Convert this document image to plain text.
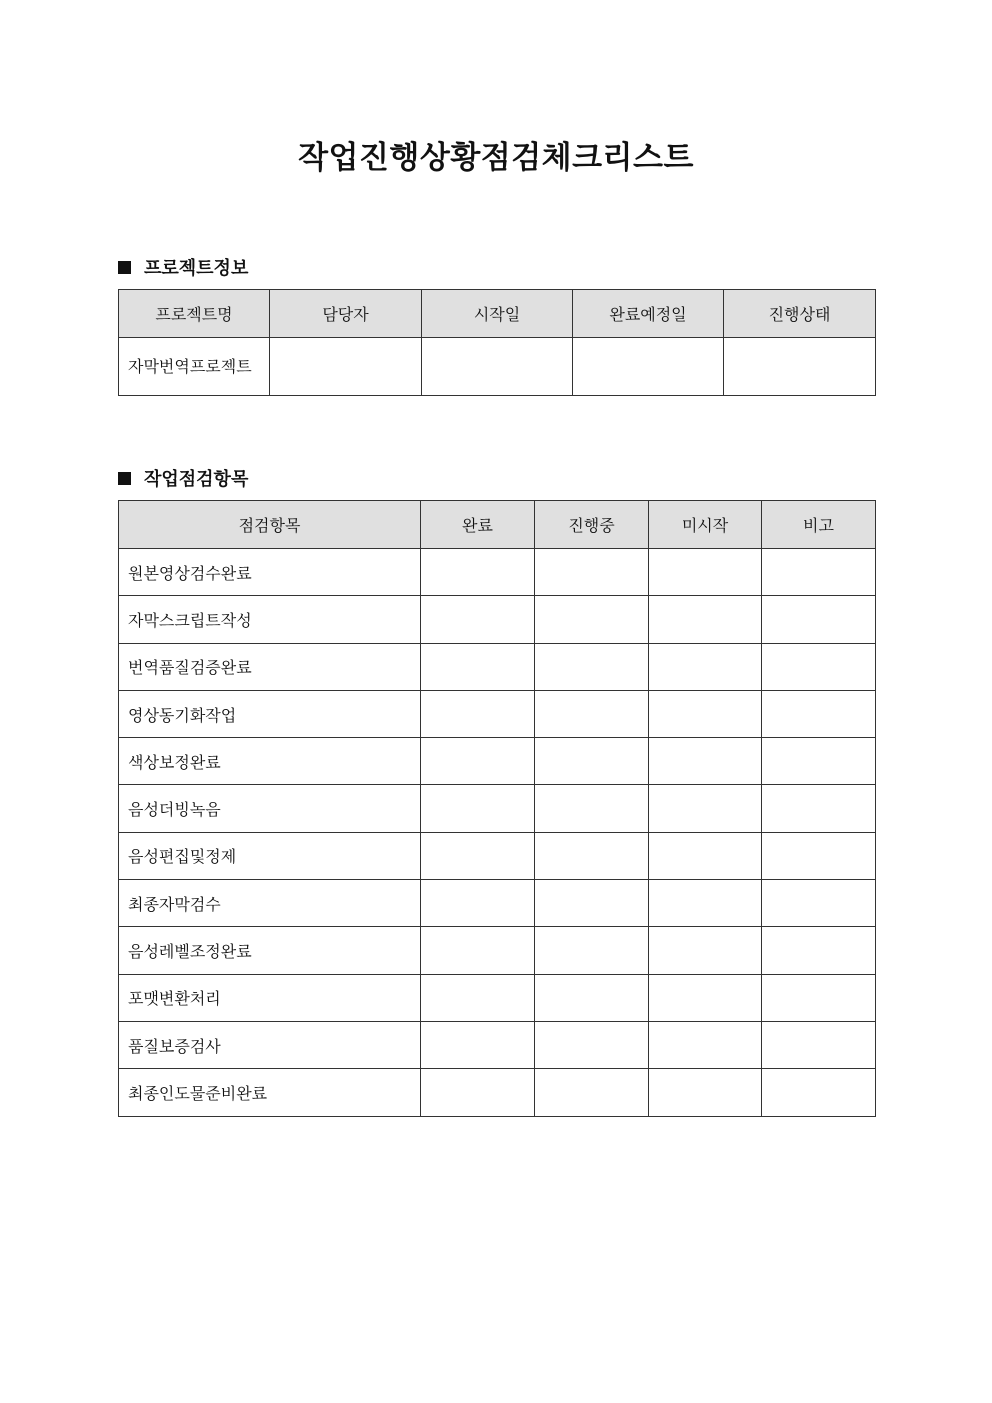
작업진행상황점검체크리스트
프로젝트정보
프로젝트명	담당자	시작일	완료예정일	진행상태
자막번역프로젝트				
작업점검항목
점검항목	완료	진행중	미시작	비고
원본영상검수완료				
자막스크립트작성				
번역품질검증완료				
영상동기화작업				
색상보정완료				
음성더빙녹음				
음성편집및정제				
최종자막검수				
음성레벨조정완료				
포맷변환처리				
품질보증검사				
최종인도물준비완료				
